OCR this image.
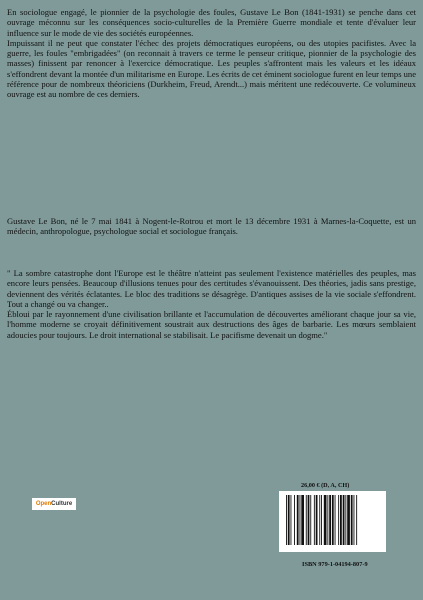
En sociologue engagé, le pionnier de la psychologie des foules, Gustave Le Bon (1841-1931) se penche dans cet ouvrage méconnu sur les conséquences socio-culturelles de la Première Guerre mondiale et tente d'évaluer leur influence sur le mode de vie des sociétés européennes.

Impuissant il ne peut que constater l'échec des projets démocratiques européens, ou des utopies pacifistes. Avec la guerre, les foules "embrigadées" (on reconnait à travers ce terme le penseur critique, pionnier de la psychologie des masses) finissent par renoncer à l'exercice démocratique. Les peuples s'affrontent mais les valeurs et les idéaux s'effondrent devant la montée d'un militarisme en Europe. Les écrits de cet éminent sociologue furent en leur temps une référence pour de nombreux théoriciens (Durkheim, Freud, Arendt...) mais méritent une redécouverte. Ce volumineux ouvrage est au nombre de ces derniers.

Gustave Le Bon, né le 7 mai 1841 à Nogent-le-Rotrou et mort le 13 décembre 1931 à Marnes-la-Coquette, est un médecin, anthropologue, psychologue social et sociologue français.

" La sombre catastrophe dont l'Europe est le théâtre n'atteint pas seulement l'existence matérielles des peuples, mas encore leurs pensées. Beaucoup d'illusions tenues pour des certitudes s'évanouissent. Des théories, jadis sans prestige, deviennent des vérités éclatantes. Le bloc des traditions se désagrège. D'antiques assises de la vie sociale s'effondrent. Tout a changé ou va changer..

Ébloui par le rayonnement d'une civilisation brillante et l'accumulation de découvertes améliorant chaque jour sa vie, l'homme moderne se croyait définitivement soustrait aux destructions des âges de barbarie. Les mœurs semblaient adoucies pour toujours. Le droit international se stabilisait. Le pacifisme devenait un dogme."

26,00 € (D, A, CH)
Open Culture
ISBN 979-1-04194-807-9
